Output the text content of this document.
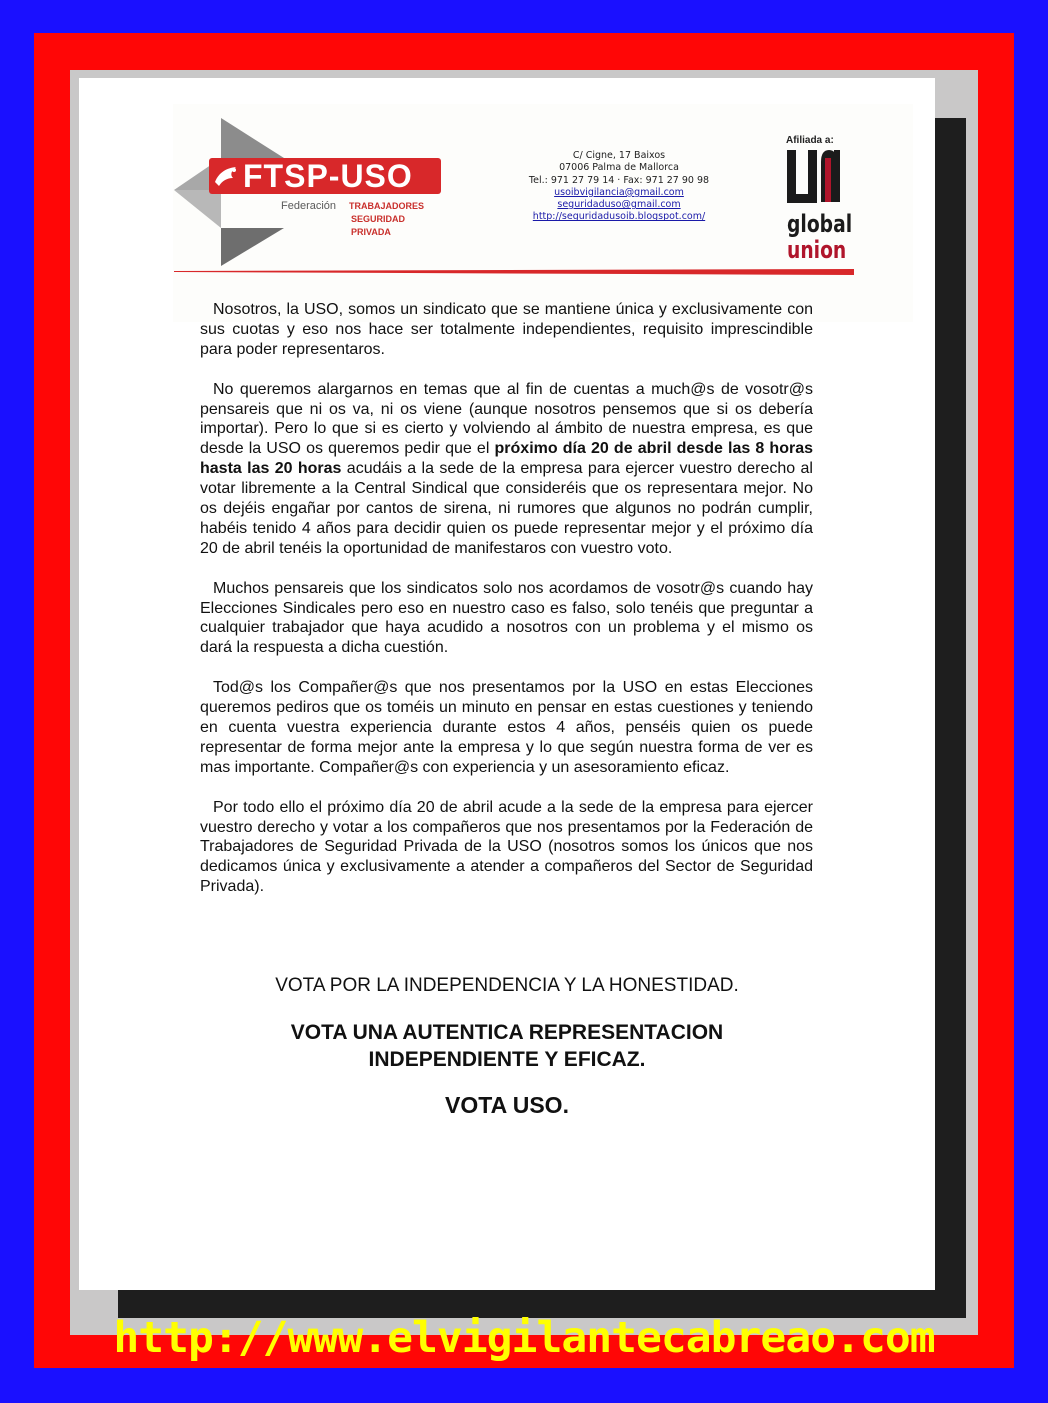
FTSP-USO
Federación TRABAJADORES
SEGURIDAD
PRIVADA
C/ Cigne, 17 Baixos
07006 Palma de Mallorca
Tel.: 971 27 79 14 · Fax: 971 27 90 98
usoibvigilancia@gmail.com
seguridaduso@gmail.com
http://seguridadusoib.blogspot.com/
Afiliada a:
global
union

Nosotros, la USO, somos un sindicato que se mantiene única y exclusivamente con sus cuotas y eso nos hace ser totalmente independientes, requisito imprescindible para poder representaros.

No queremos alargarnos en temas que al fin de cuentas a much@s de vosotr@s pensareis que ni os va, ni os viene (aunque nosotros pensemos que si os debería importar). Pero lo que si es cierto y volviendo al ámbito de nuestra empresa, es que desde la USO os queremos pedir que el próximo día 20 de abril desde las 8 horas hasta las 20 horas acudáis a la sede de la empresa para ejercer vuestro derecho al votar libremente a la Central Sindical que consideréis que os representara mejor. No os dejéis engañar por cantos de sirena, ni rumores que algunos no podrán cumplir, habéis tenido 4 años para decidir quien os puede representar mejor y el próximo día 20 de abril tenéis la oportunidad de manifestaros con vuestro voto.

Muchos pensareis que los sindicatos solo nos acordamos de vosotr@s cuando hay Elecciones Sindicales pero eso en nuestro caso es falso, solo tenéis que preguntar a cualquier trabajador que haya acudido a nosotros con un problema y el mismo os dará la respuesta a dicha cuestión.

Tod@s los Compañer@s que nos presentamos por la USO en estas Elecciones queremos pediros que os toméis un minuto en pensar en estas cuestiones y teniendo en cuenta vuestra experiencia durante estos 4 años, penséis quien os puede representar de forma mejor ante la empresa y lo que según nuestra forma de ver es mas importante. Compañer@s con experiencia y un asesoramiento eficaz.

Por todo ello el próximo día 20 de abril acude a la sede de la empresa para ejercer vuestro derecho y votar a los compañeros que nos presentamos por la Federación de Trabajadores de Seguridad Privada de la USO (nosotros somos los únicos que nos dedicamos única y exclusivamente a atender a compañeros del Sector de Seguridad Privada).

VOTA POR LA INDEPENDENCIA Y LA HONESTIDAD.
VOTA UNA AUTENTICA REPRESENTACION
INDEPENDIENTE Y EFICAZ.
VOTA USO.
http://www.elvigilantecabreao.com
